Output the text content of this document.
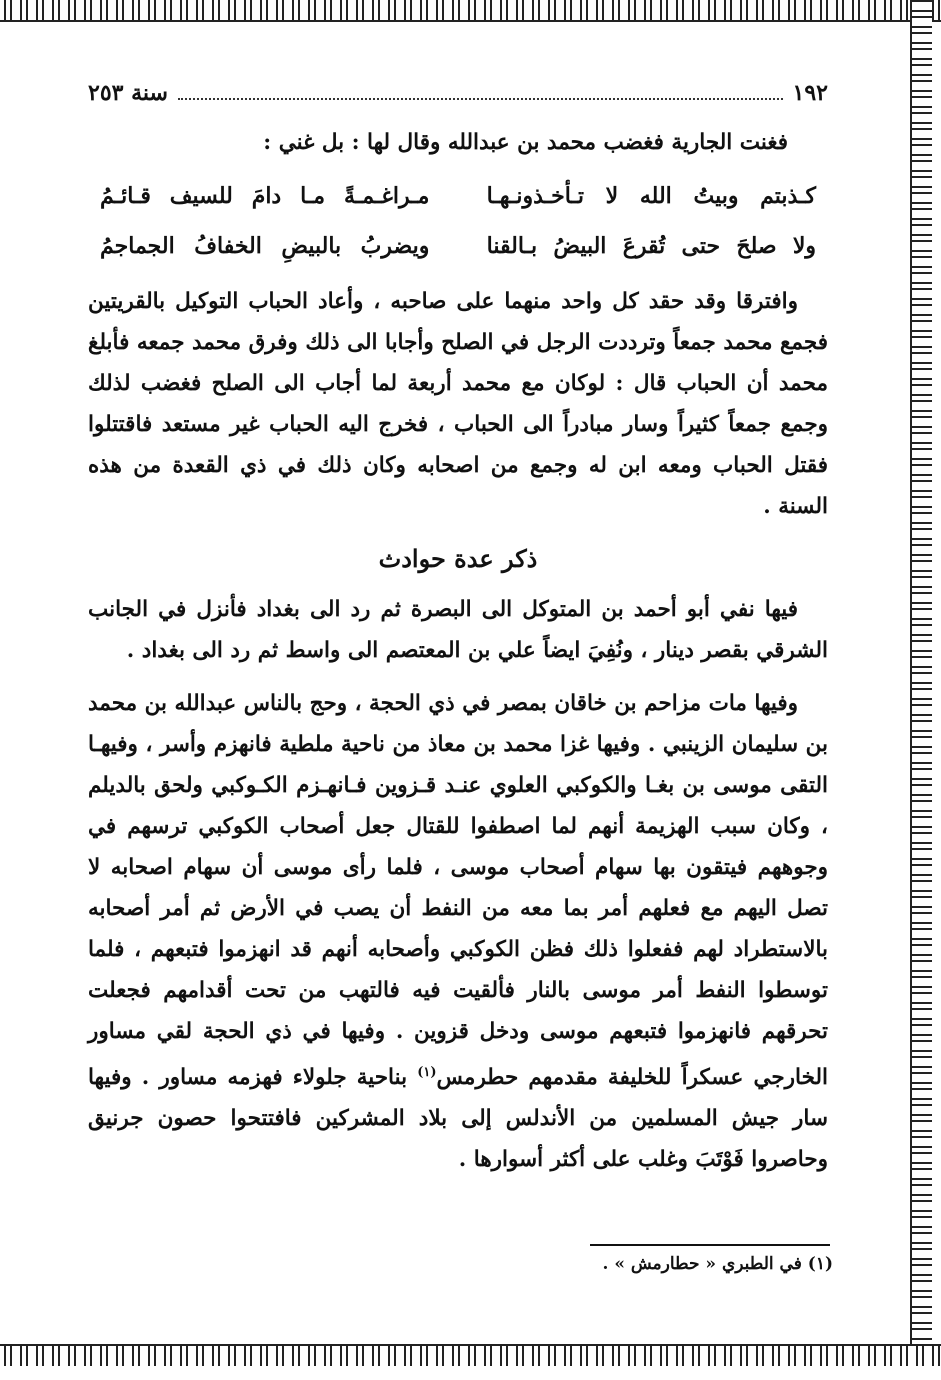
١٩٢
سنة ٢٥٣
فغنت الجارية فغضب محمد بن عبدالله وقال لها : بل غني :
كـذبتم وبيتُ الله لا تـأخـذونـهـا
مـراغـمـةً مـا دامَ للسيف قـائـمُ
ولا صلحَ حتى تُقرعَ البيضُ بـالقنا
ويضربُ بالبيضِ الخفافُ الجماجمُ

وافترقا وقد حقد كل واحد منهما على صاحبه ، وأعاد الحباب التوكيل بالقريتين فجمع محمد جمعاً وترددت الرجل في الصلح وأجابا الى ذلك وفرق محمد جمعه فأبلغ محمد أن الحباب قال : لوكان مع محمد أربعة لما أجاب الى الصلح فغضب لذلك وجمع جمعاً كثيراً وسار مبادراً الى الحباب ، فخرج اليه الحباب غير مستعد فاقتتلوا فقتل الحباب ومعه ابن له وجمع من اصحابه وكان ذلك في ذي القعدة من هذه السنة .

ذكر عدة حوادث

فيها نفي أبو أحمد بن المتوكل الى البصرة ثم رد الى بغداد فأنزل في الجانب الشرقي بقصر دينار ، ونُفِيَ ايضاً علي بن المعتصم الى واسط ثم رد الى بغداد .

وفيها مات مزاحم بن خاقان بمصر في ذي الحجة ، وحج بالناس عبدالله بن محمد بن سليمان الزينبي . وفيها غزا محمد بن معاذ من ناحية ملطية فانهزم وأسر ، وفيهـا التقى موسى بن بغـا والكوكبي العلوي عنـد قـزوين فـانهـزم الكـوكبي ولحق بالديلم ، وكان سبب الهزيمة أنهم لما اصطفوا للقتال جعل أصحاب الكوكبي ترسهم في وجوههم فيتقون بها سهام أصحاب موسى ، فلما رأى موسى أن سهام اصحابه لا تصل اليهم مع فعلهم أمر بما معه من النفط أن يصب في الأرض ثم أمر أصحابه بالاستطراد لهم ففعلوا ذلك فظن الكوكبي وأصحابه أنهم قد انهزموا فتبعهم ، فلما توسطوا النفط أمر موسى بالنار فألقيت فيه فالتهب من تحت أقدامهم فجعلت تحرقهم فانهزموا فتبعهم موسى ودخل قزوين . وفيها في ذي الحجة لقي مساور الخارجي عسكراً للخليفة مقدمهم حطرمس$^{(١)}$ بناحية جلولاء فهزمه مساور . وفيها سار جيش المسلمين من الأندلس إلى بلاد المشركين فافتتحوا حصون جرنيق وحاصروا فَوْتَبَ وغلب على أكثر أسوارها .

(١) في الطبري « حطارمش » .
